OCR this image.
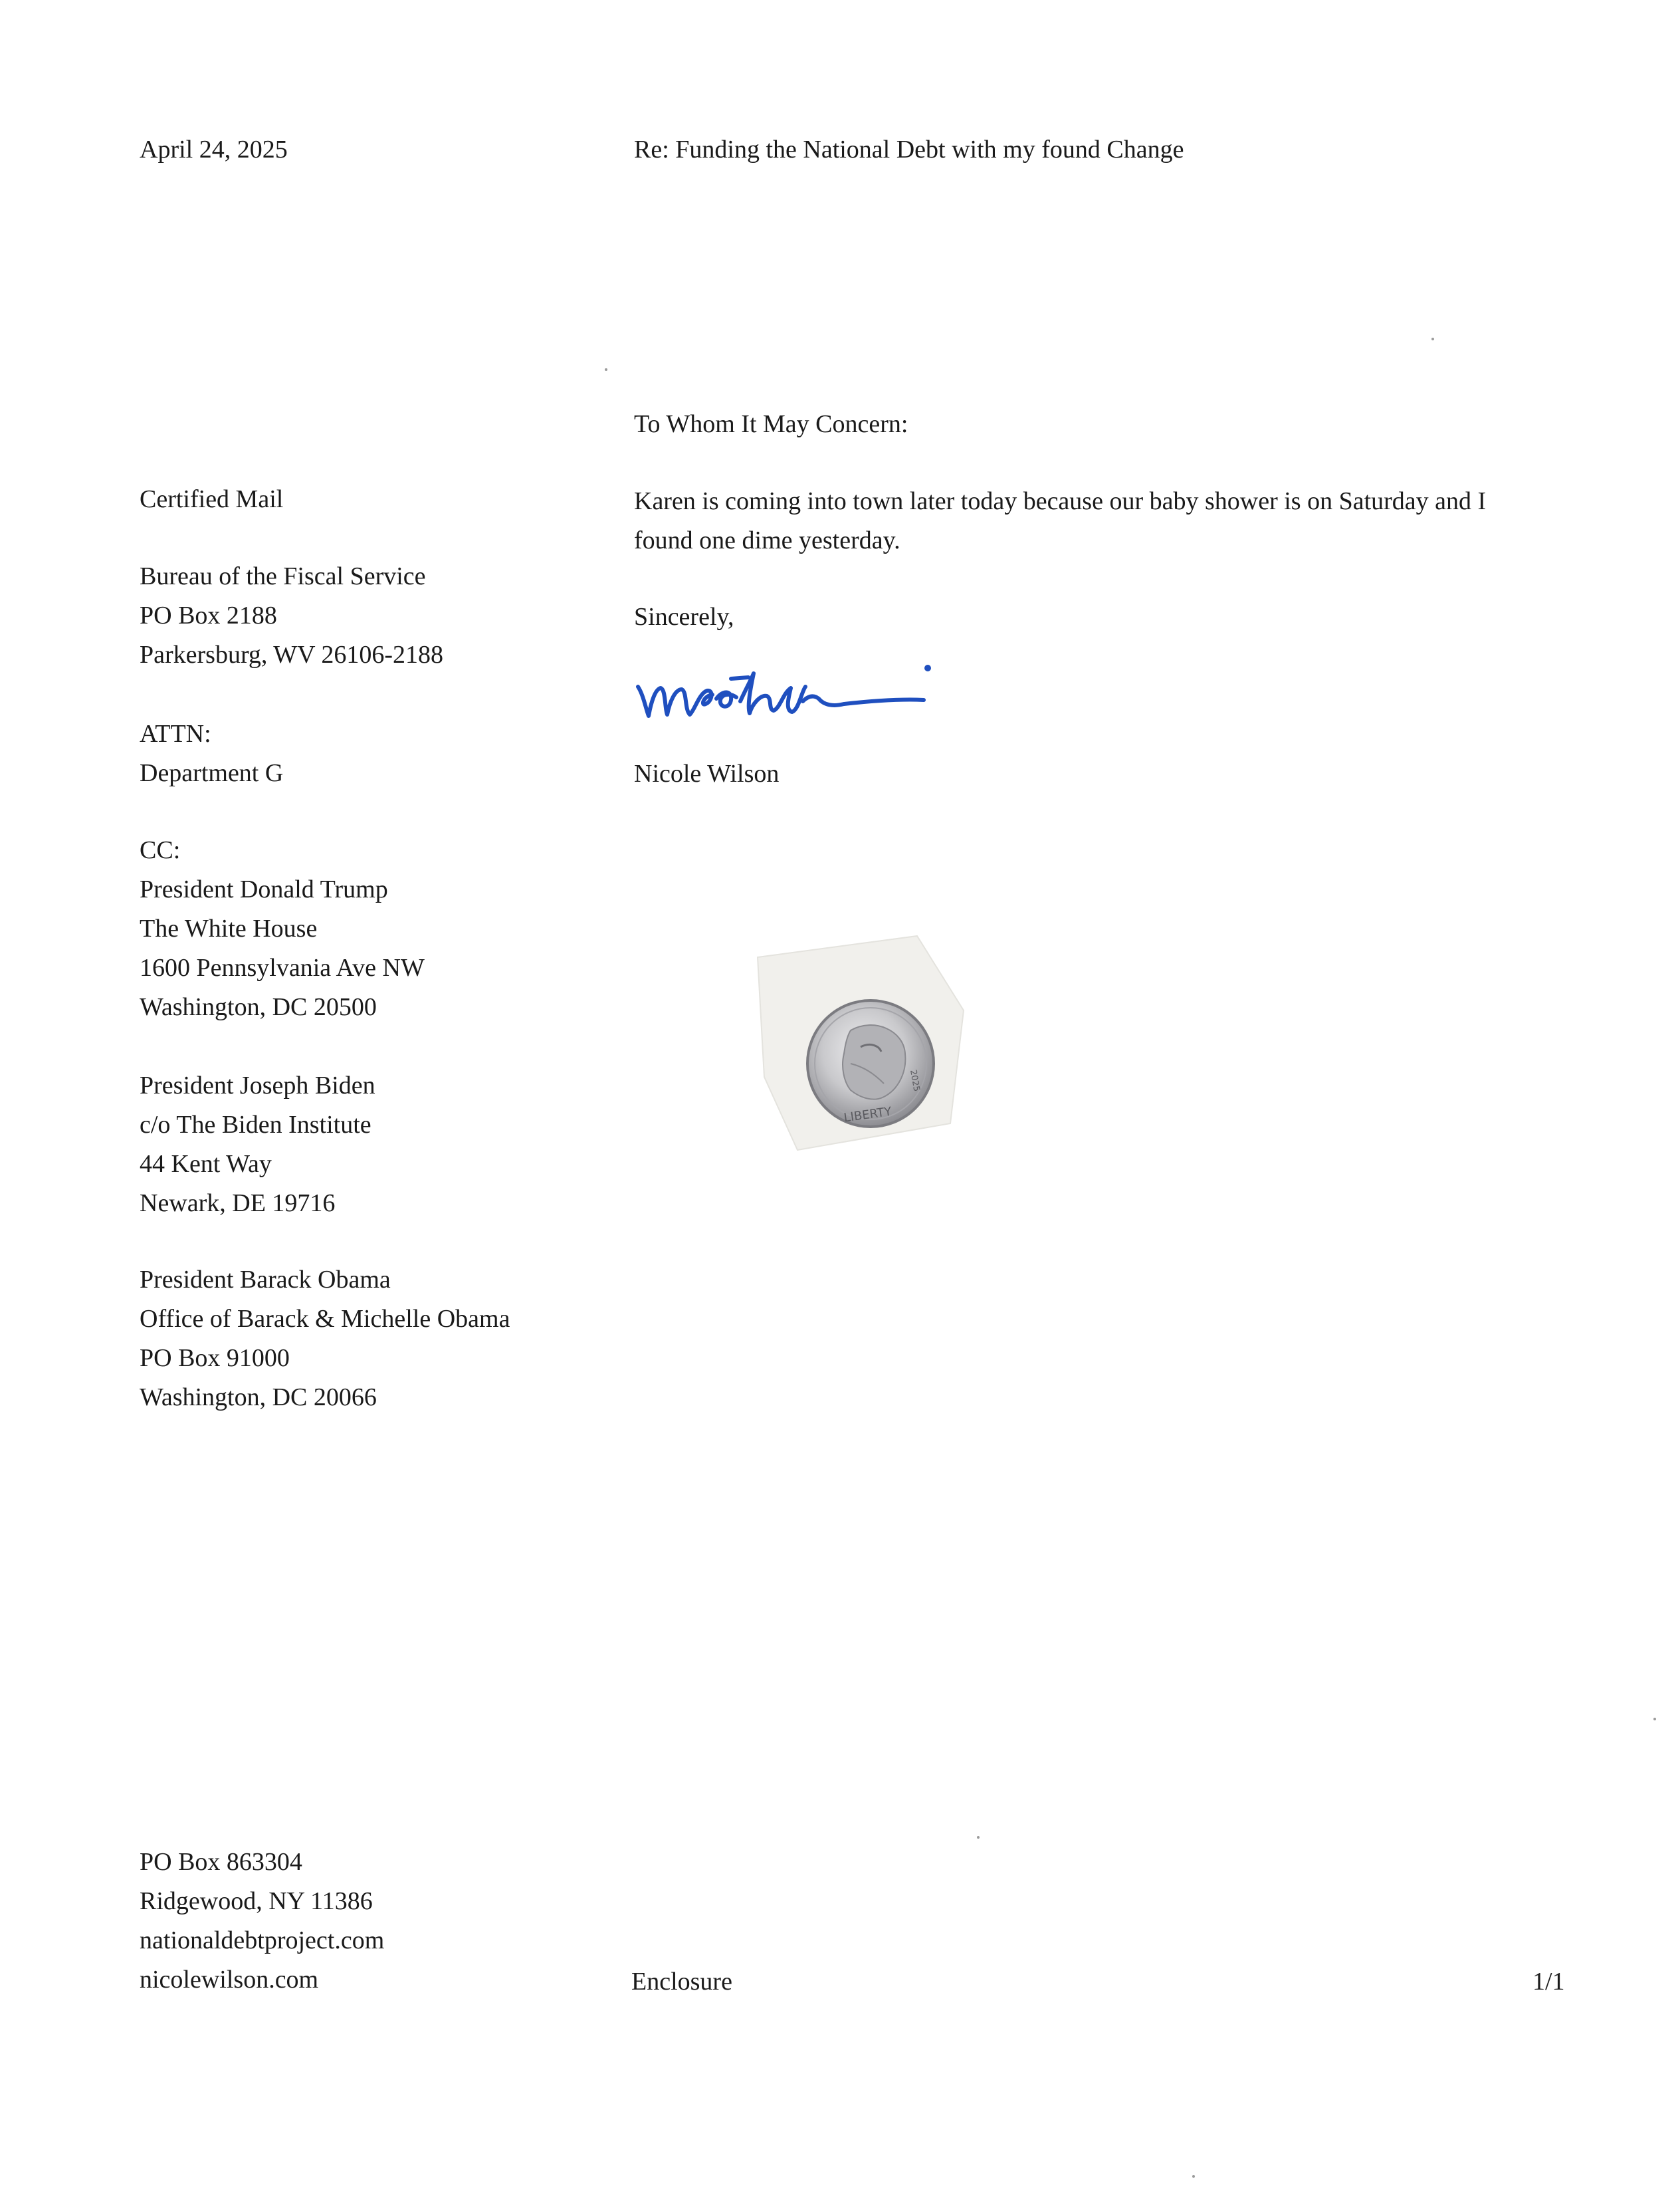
April 24, 2025	Re: Funding the National Debt with my found Change
To Whom It May Concern:
Karen is coming into town later today because our baby shower is on Saturday and I
found one dime yesterday.
Sincerely,
Nicole Wilson
Certified Mail
Bureau of the Fiscal Service
PO Box 2188
Parkersburg, WV 26106-2188
ATTN:
Department G
CC:
President Donald Trump
The White House
1600 Pennsylvania Ave NW
Washington, DC 20500
President Joseph Biden
c/o The Biden Institute
44 Kent Way
Newark, DE 19716
President Barack Obama
Office of Barack & Michelle Obama
PO Box 91000
Washington, DC 20066
LIBERTY
2025
PO Box 863304
Ridgewood, NY 11386
nationaldebtproject.com
nicolewilson.com	Enclosure	1/1
